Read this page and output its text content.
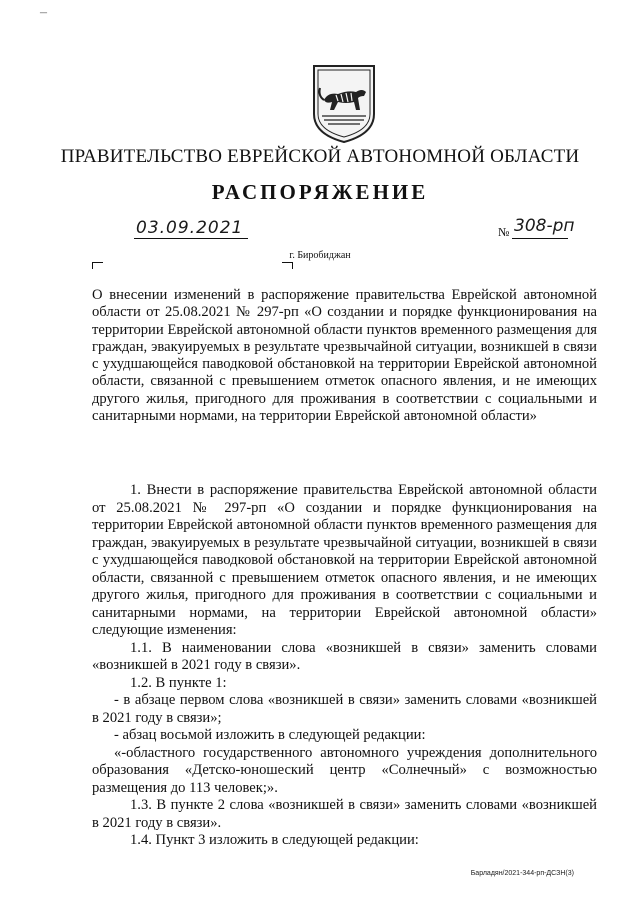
–
ПРАВИТЕЛЬСТВО ЕВРЕЙСКОЙ АВТОНОМНОЙ ОБЛАСТИ
РАСПОРЯЖЕНИЕ
03.09.2021	№ 308-рп
г. Биробиджан
О внесении изменений в распоряжение правительства Еврейской автономной области от 25.08.2021 № 297-рп «О создании и порядке функционирования на территории Еврейской автономной области пунктов временного размещения для граждан, эвакуируемых в результате чрезвычайной ситуации, возникшей в связи с ухудшающейся паводковой обстановкой на территории Еврейской автономной области, связанной с превышением отметок опасного явления, и не имеющих другого жилья, пригодного для проживания в соответствии с социальными и санитарными нормами, на территории Еврейской автономной области»

1. Внести в распоряжение правительства Еврейской автономной области от 25.08.2021 № 297-рп «О создании и порядке функционирования на территории Еврейской автономной области пунктов временного размещения для граждан, эвакуируемых в результате чрезвычайной ситуации, возникшей в связи с ухудшающейся паводковой обстановкой на территории Еврейской автономной области, связанной с превышением отметок опасного явления, и не имеющих другого жилья, пригодного для проживания в соответствии с социальными и санитарными нормами, на территории Еврейской автономной области» следующие изменения:

1.1. В наименовании слова «возникшей в связи» заменить словами «возникшей в 2021 году в связи».

1.2. В пункте 1:

- в абзаце первом слова «возникшей в связи» заменить словами «возникшей в 2021 году в связи»;

- абзац восьмой изложить в следующей редакции:

«-областного государственного автономного учреждения дополнительного образования «Детско-юношеский центр «Солнечный» с возможностью размещения до 113 человек;».

1.3. В пункте 2 слова «возникшей в связи» заменить словами «возникшей в 2021 году в связи».

1.4. Пункт 3 изложить в следующей редакции:

Барладян/2021-344-рп-ДСЗН(3)
